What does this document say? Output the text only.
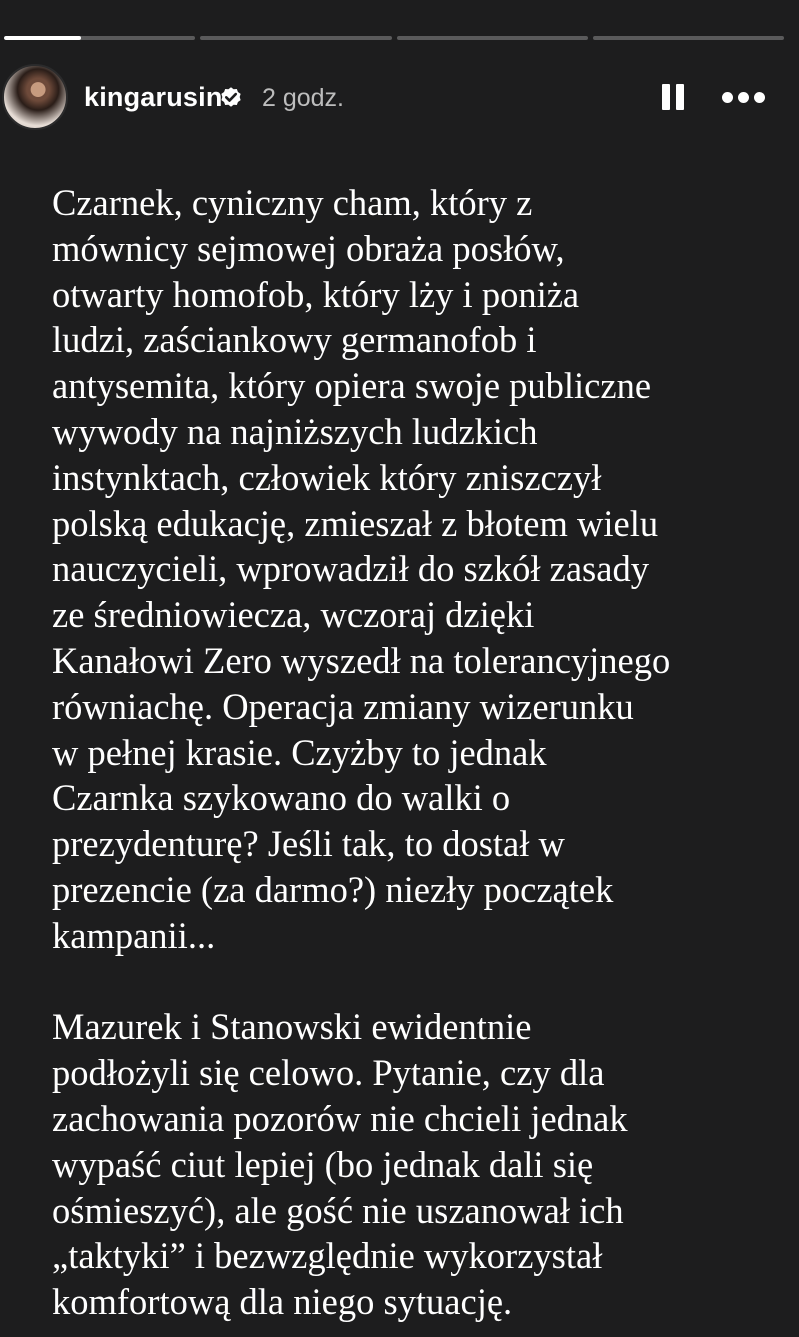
kingarusin 2 godz.

Czarnek, cyniczny cham, który z
mównicy sejmowej obraża posłów,
otwarty homofob, który lży i poniża
ludzi, zaściankowy germanofob i
antysemita, który opiera swoje publiczne
wywody na najniższych ludzkich
instynktach, człowiek który zniszczył
polską edukację, zmieszał z błotem wielu
nauczycieli, wprowadził do szkół zasady
ze średniowiecza, wczoraj dzięki
Kanałowi Zero wyszedł na tolerancyjnego
równiachę. Operacja zmiany wizerunku
w pełnej krasie. Czyżby to jednak
Czarnka szykowano do walki o
prezydenturę? Jeśli tak, to dostał w
prezencie (za darmo?) niezły początek
kampanii...

Mazurek i Stanowski ewidentnie
podłożyli się celowo. Pytanie, czy dla
zachowania pozorów nie chcieli jednak
wypaść ciut lepiej (bo jednak dali się
ośmieszyć), ale gość nie uszanował ich
„taktyki” i bezwzględnie wykorzystał
komfortową dla niego sytuację.
